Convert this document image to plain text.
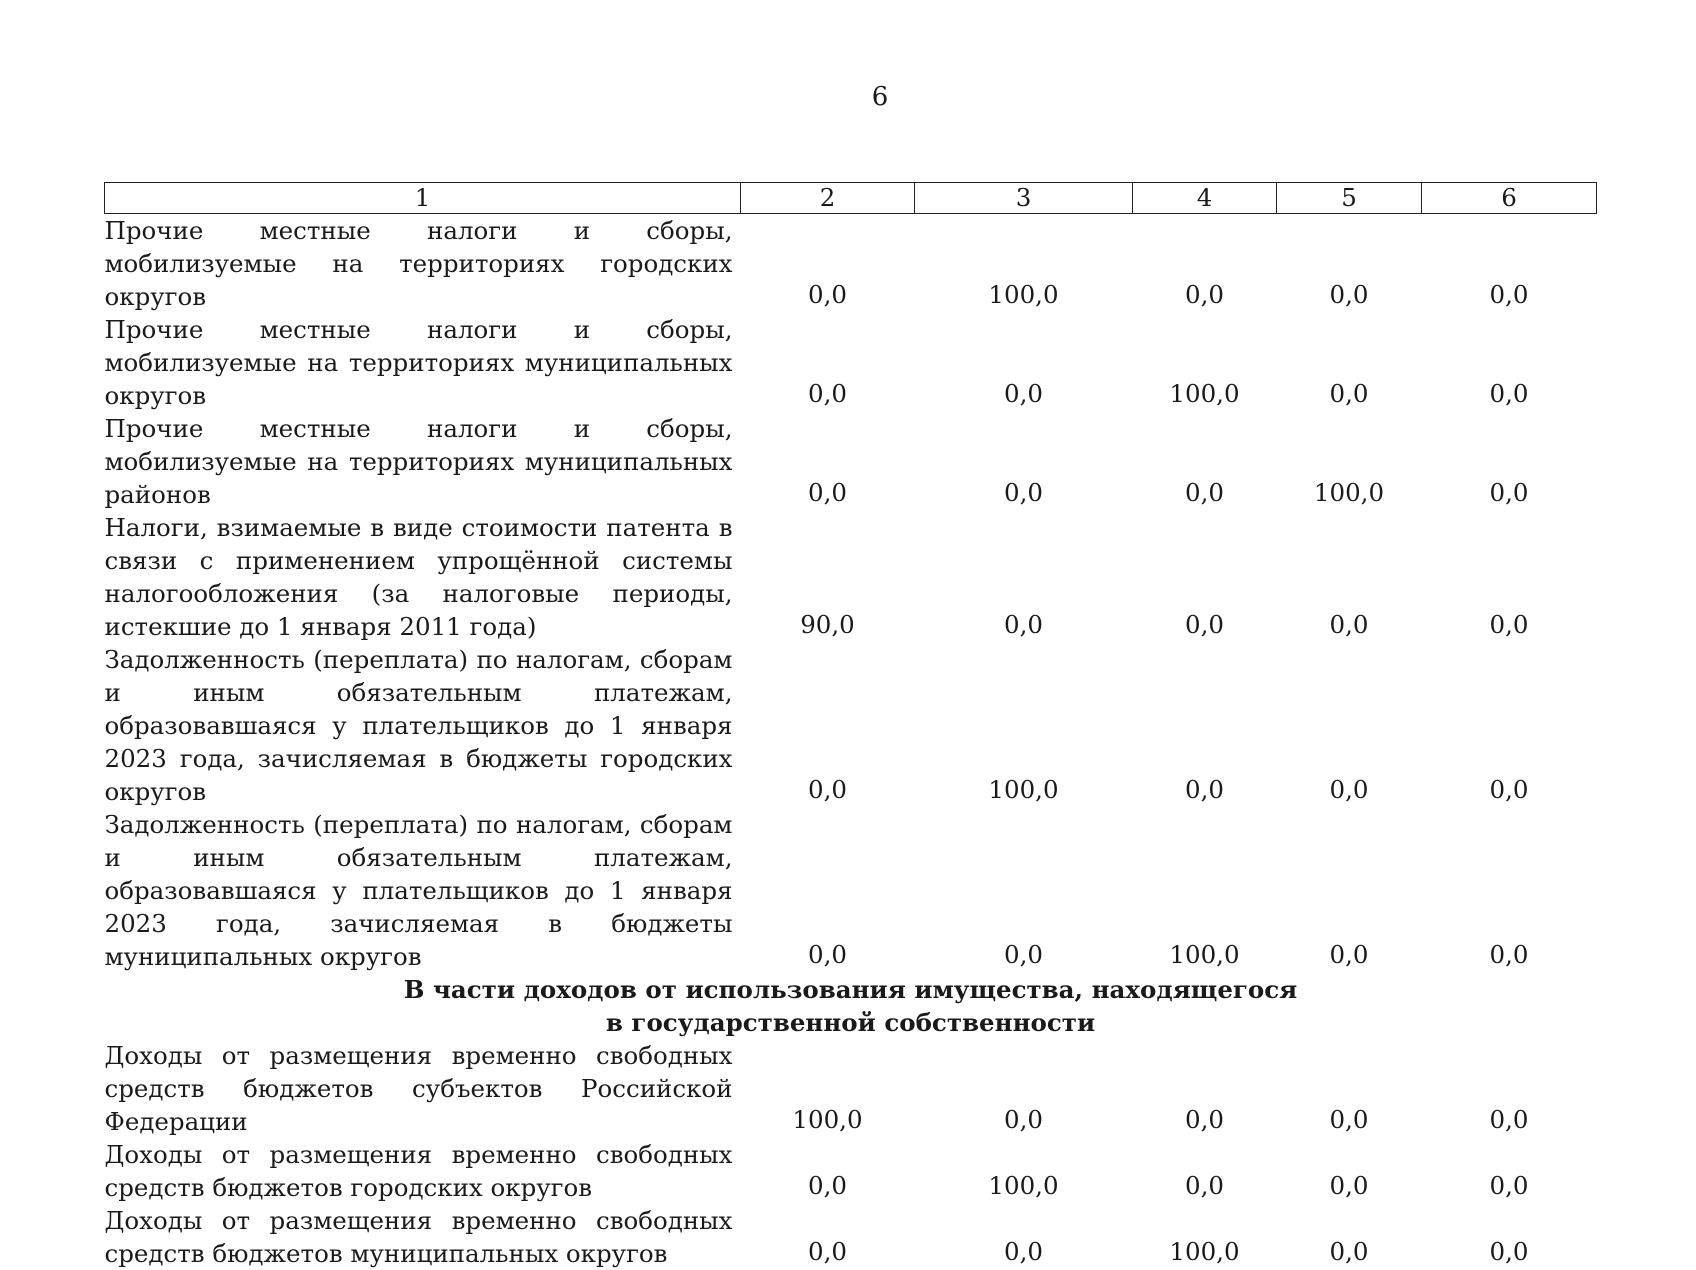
6
1	2	3	4	5	6
Прочие местные налоги и сборы, мобилизуемые на территориях городских округов	0,0	100,0	0,0	0,0	0,0
Прочие местные налоги и сборы, мобилизуемые на территориях муниципальных округов	0,0	0,0	100,0	0,0	0,0
Прочие местные налоги и сборы, мобилизуемые на территориях муниципальных районов	0,0	0,0	0,0	100,0	0,0
Налоги, взимаемые в виде стоимости патента в связи с применением упрощённой системы налогообложения (за налоговые периоды, истекшие до 1 января 2011 года)	90,0	0,0	0,0	0,0	0,0
Задолженность (переплата) по налогам, сборам и иным обязательным платежам, образовавшаяся у плательщиков до 1 января 2023 года, зачисляемая в бюджеты городских округов	0,0	100,0	0,0	0,0	0,0
Задолженность (переплата) по налогам, сборам и иным обязательным платежам, образовавшаяся у плательщиков до 1 января 2023 года, зачисляемая в бюджеты муниципальных округов	0,0	0,0	100,0	0,0	0,0

В части доходов от использования имущества, находящегося
в государственной собственности					

Доходы от размещения временно свободных средств бюджетов субъектов Российской Федерации	100,0	0,0	0,0	0,0	0,0
Доходы от размещения временно свободных средств бюджетов городских округов	0,0	100,0	0,0	0,0	0,0
Доходы от размещения временно свободных средств бюджетов муниципальных округов	0,0	0,0	100,0	0,0	0,0
